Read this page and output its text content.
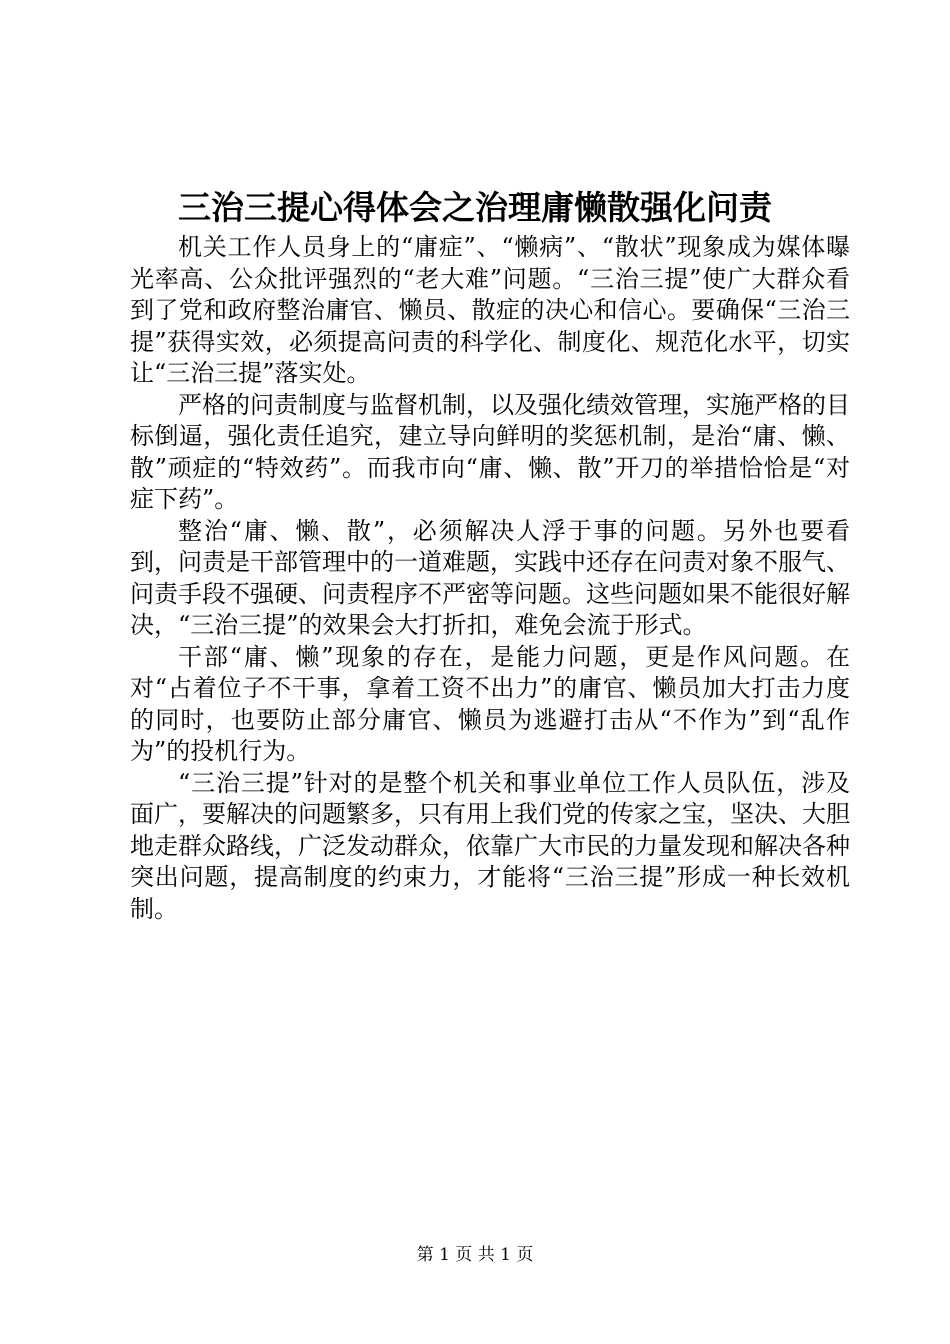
三治三提心得体会之治理庸懒散强化问责

机关工作人员身上的“庸症”、“懒病”、“散状”现象成为媒体曝光率高、公众批评强烈的“老大难”问题。“三治三提”使广大群众看到了党和政府整治庸官、懒员、散症的决心和信心。要确保“三治三提”获得实效，必须提高问责的科学化、制度化、规范化水平，切实让“三治三提”落实处。

严格的问责制度与监督机制，以及强化绩效管理，实施严格的目标倒逼，强化责任追究，建立导向鲜明的奖惩机制，是治“庸、懒、散”顽症的“特效药”。而我市向“庸、懒、散”开刀的举措恰恰是“对症下药”。

整治“庸、懒、散”，必须解决人浮于事的问题。另外也要看到，问责是干部管理中的一道难题，实践中还存在问责对象不服气、问责手段不强硬、问责程序不严密等问题。这些问题如果不能很好解决，“三治三提”的效果会大打折扣，难免会流于形式。

干部“庸、懒”现象的存在，是能力问题，更是作风问题。在对“占着位子不干事，拿着工资不出力”的庸官、懒员加大打击力度的同时，也要防止部分庸官、懒员为逃避打击从“不作为”到“乱作为”的投机行为。

“三治三提”针对的是整个机关和事业单位工作人员队伍，涉及面广，要解决的问题繁多，只有用上我们党的传家之宝，坚决、大胆地走群众路线，广泛发动群众，依靠广大市民的力量发现和解决各种突出问题，提高制度的约束力，才能将“三治三提”形成一种长效机制。

第 1 页 共 1 页
